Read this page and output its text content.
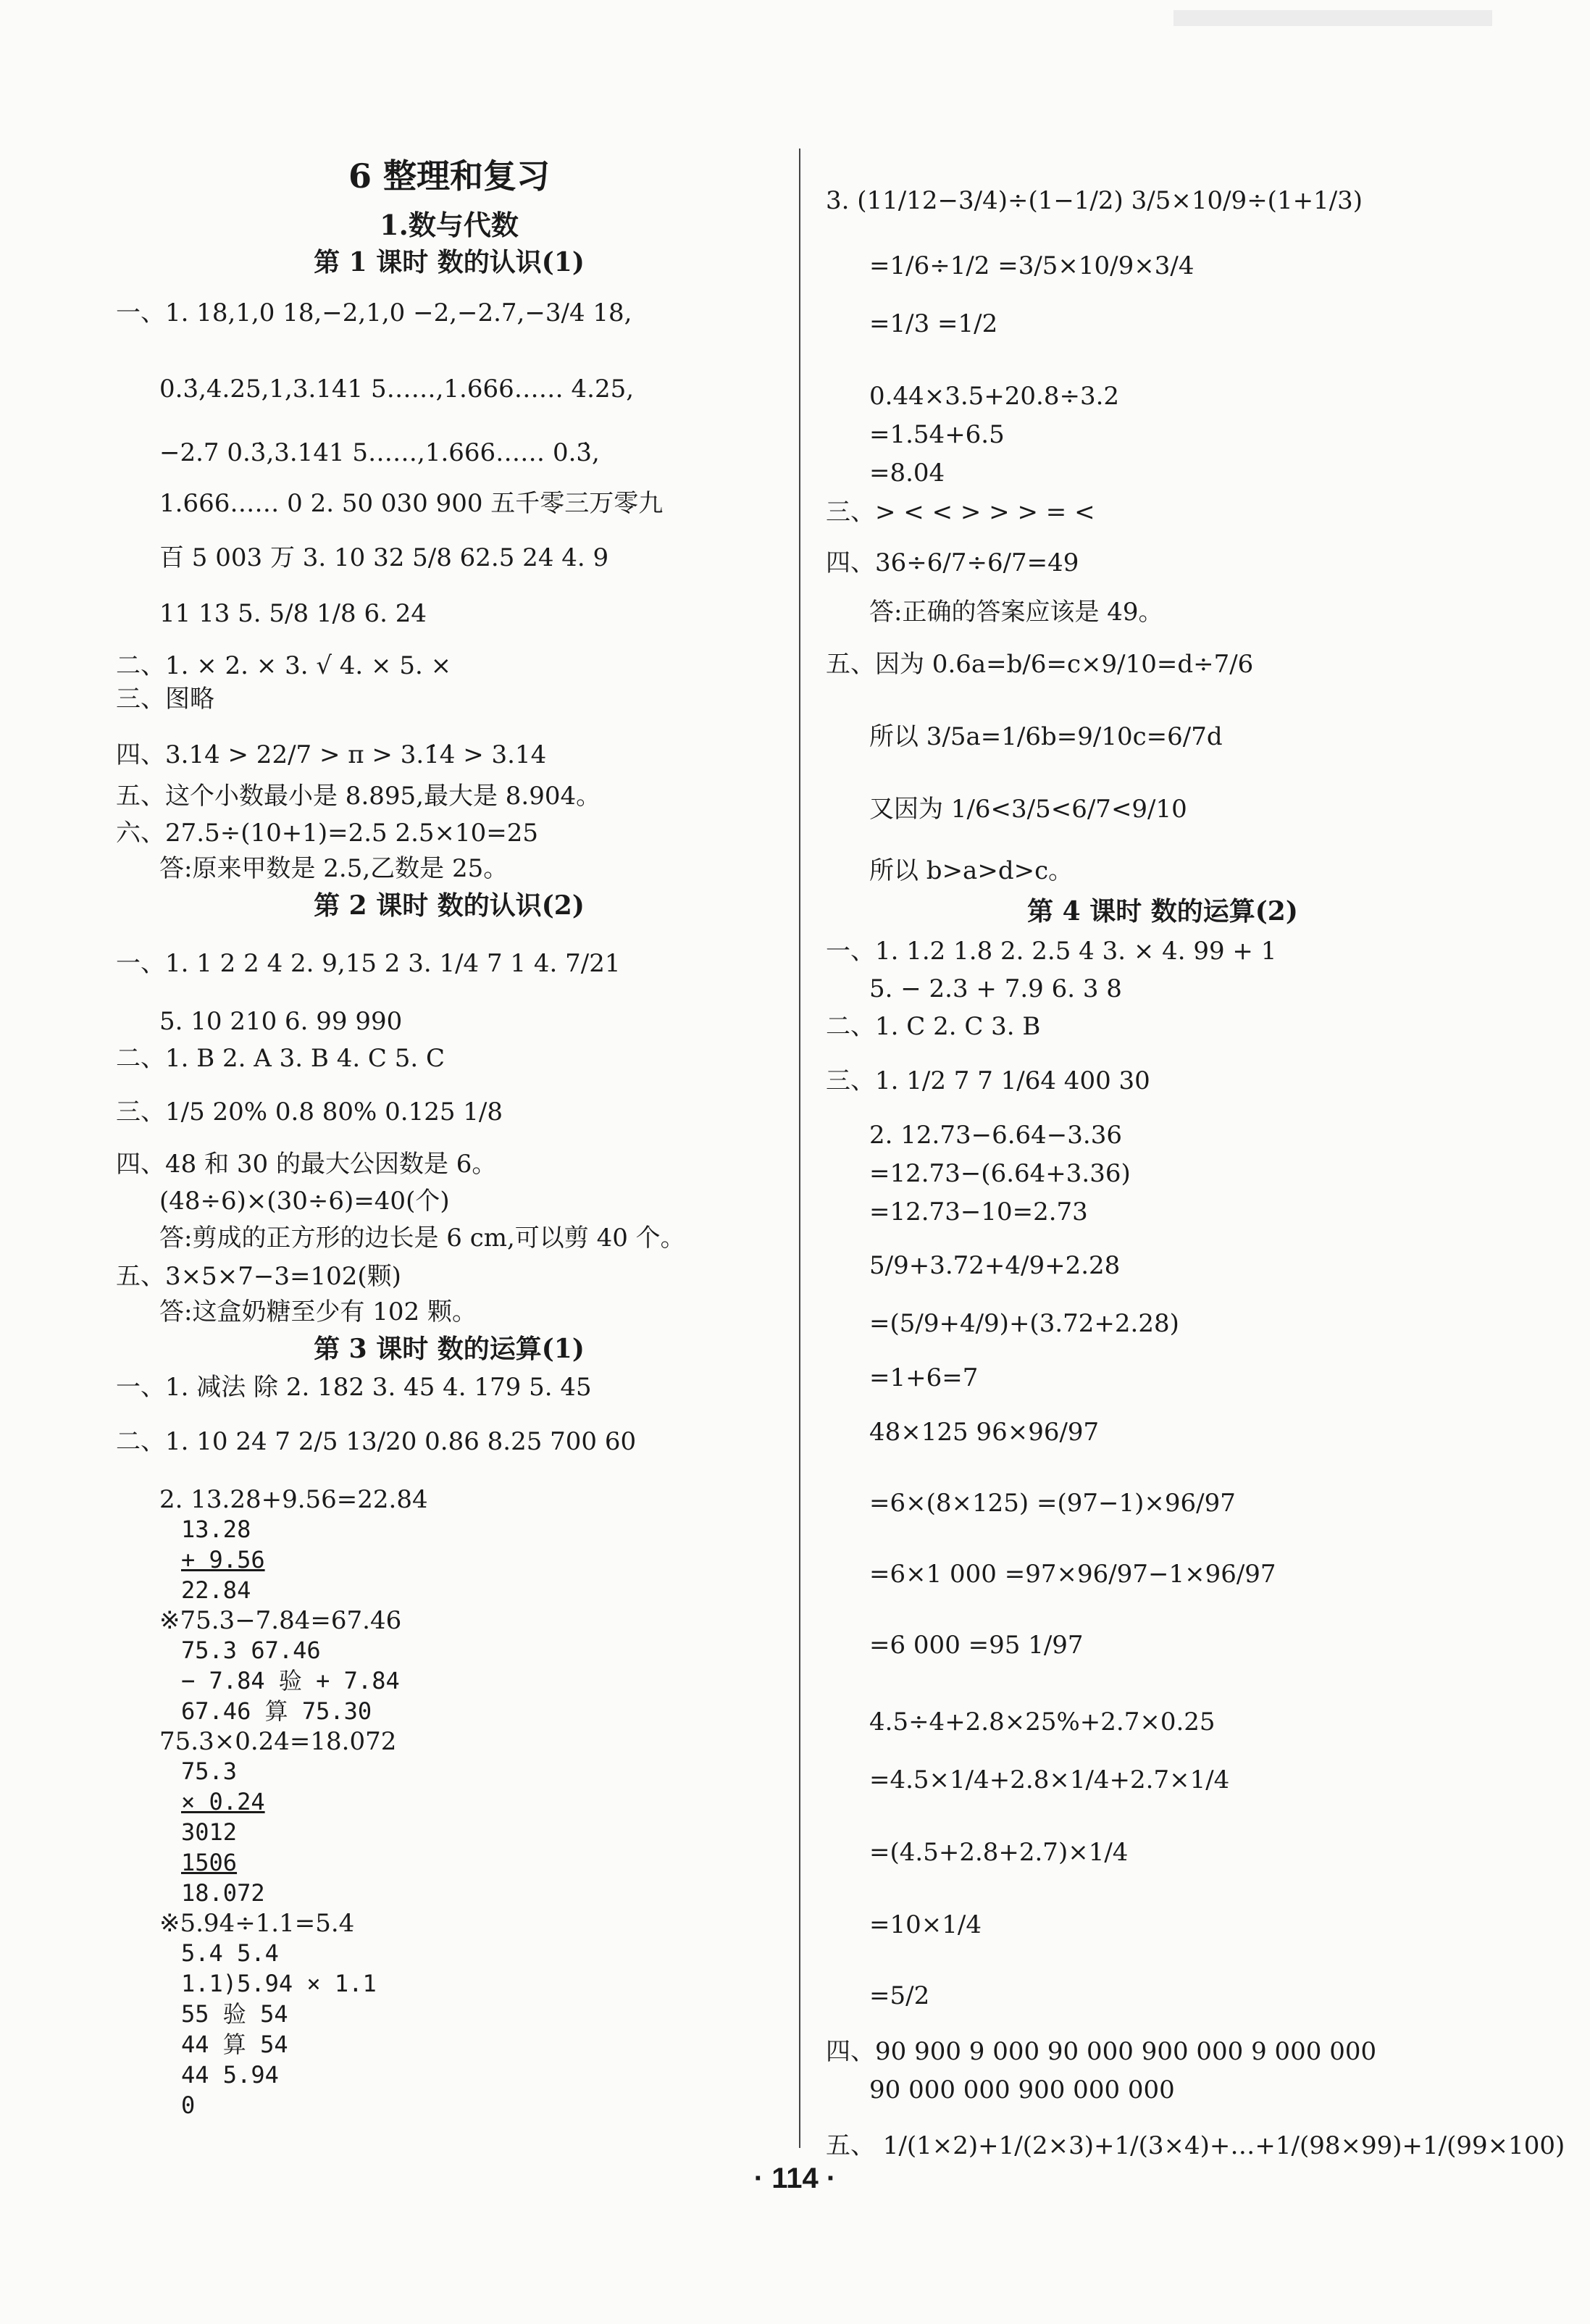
6 整理和复习
1.数与代数
第 1 课时 数的认识(1)
一、1. 18,1,0 18,−2,1,0 −2,−2.7,−3/4 18,
0.3̇,4.25,1,3.141 5……,1.666…… 4.25,
−2.7 0.3̇,3.141 5……,1.666…… 0.3̇,
1.666…… 0 2. 50 030 900 五千零三万零九
百 5 003 万 3. 10 32 5/8 62.5 24 4. 9
11 13 5. 5/8 1/8 6. 24
二、1. × 2. × 3. √ 4. × 5. ×
三、图略
四、3.14̇ > 22/7 > π > 3.1̇4̇ > 3.14
五、这个小数最小是 8.895,最大是 8.904。
六、27.5÷(10+1)=2.5 2.5×10=25
答:原来甲数是 2.5,乙数是 25。
第 2 课时 数的认识(2)
一、1. 1 2 2 4 2. 9,15 2 3. 1/4 7 1 4. 7/21
5. 10 210 6. 99 990
二、1. B 2. A 3. B 4. C 5. C
三、1/5 20% 0.8 80% 0.125 1/8
四、48 和 30 的最大公因数是 6。
(48÷6)×(30÷6)=40(个)
答:剪成的正方形的边长是 6 cm,可以剪 40 个。
五、3×5×7−3=102(颗)
答:这盒奶糖至少有 102 颗。
第 3 课时 数的运算(1)
一、1. 减法 除 2. 182 3. 45 4. 179 5. 45
二、1. 10 24 7 2/5 13/20 0.86 8.25 700 60
2. 13.28+9.56=22.84
13.28
+ 9.56
22.84
※75.3−7.84=67.46
75.3 67.46
− 7.84 验 + 7.84
67.46 算 75.30
75.3×0.24=18.072
75.3
× 0.24
3012
1506
18.072
※5.94÷1.1=5.4
5.4 5.4
1.1)5.94 × 1.1
55 验 54
44 算 54
44 5.94
0
3. (11/12−3/4)÷(1−1/2) 3/5×10/9÷(1+1/3)
=1/6÷1/2 =3/5×10/9×3/4
=1/3 =1/2
0.44×3.5+20.8÷3.2
=1.54+6.5
=8.04
三、> < < > > > = <
四、36÷6/7÷6/7=49
答:正确的答案应该是 49。
五、因为 0.6a=b/6=c×9/10=d÷7/6
所以 3/5a=1/6b=9/10c=6/7d
又因为 1/6<3/5<6/7<9/10
所以 b>a>d>c。
第 4 课时 数的运算(2)
一、1. 1.2 1.8 2. 2.5 4 3. × 4. 99 + 1
5. − 2.3 + 7.9 6. 3 8
二、1. C 2. C 3. B
三、1. 1/2 7 7 1/64 400 30
2. 12.73−6.64−3.36
=12.73−(6.64+3.36)
=12.73−10=2.73
5/9+3.72+4/9+2.28
=(5/9+4/9)+(3.72+2.28)
=1+6=7
48×125 96×96/97
=6×(8×125) =(97−1)×96/97
=6×1 000 =97×96/97−1×96/97
=6 000 =95 1/97
4.5÷4+2.8×25%+2.7×0.25
=4.5×1/4+2.8×1/4+2.7×1/4
=(4.5+2.8+2.7)×1/4
=10×1/4
=5/2
四、90 900 9 000 90 000 900 000 9 000 000
90 000 000 900 000 000
五、 1/(1×2)+1/(2×3)+1/(3×4)+…+1/(98×99)+1/(99×100)
· 114 ·
